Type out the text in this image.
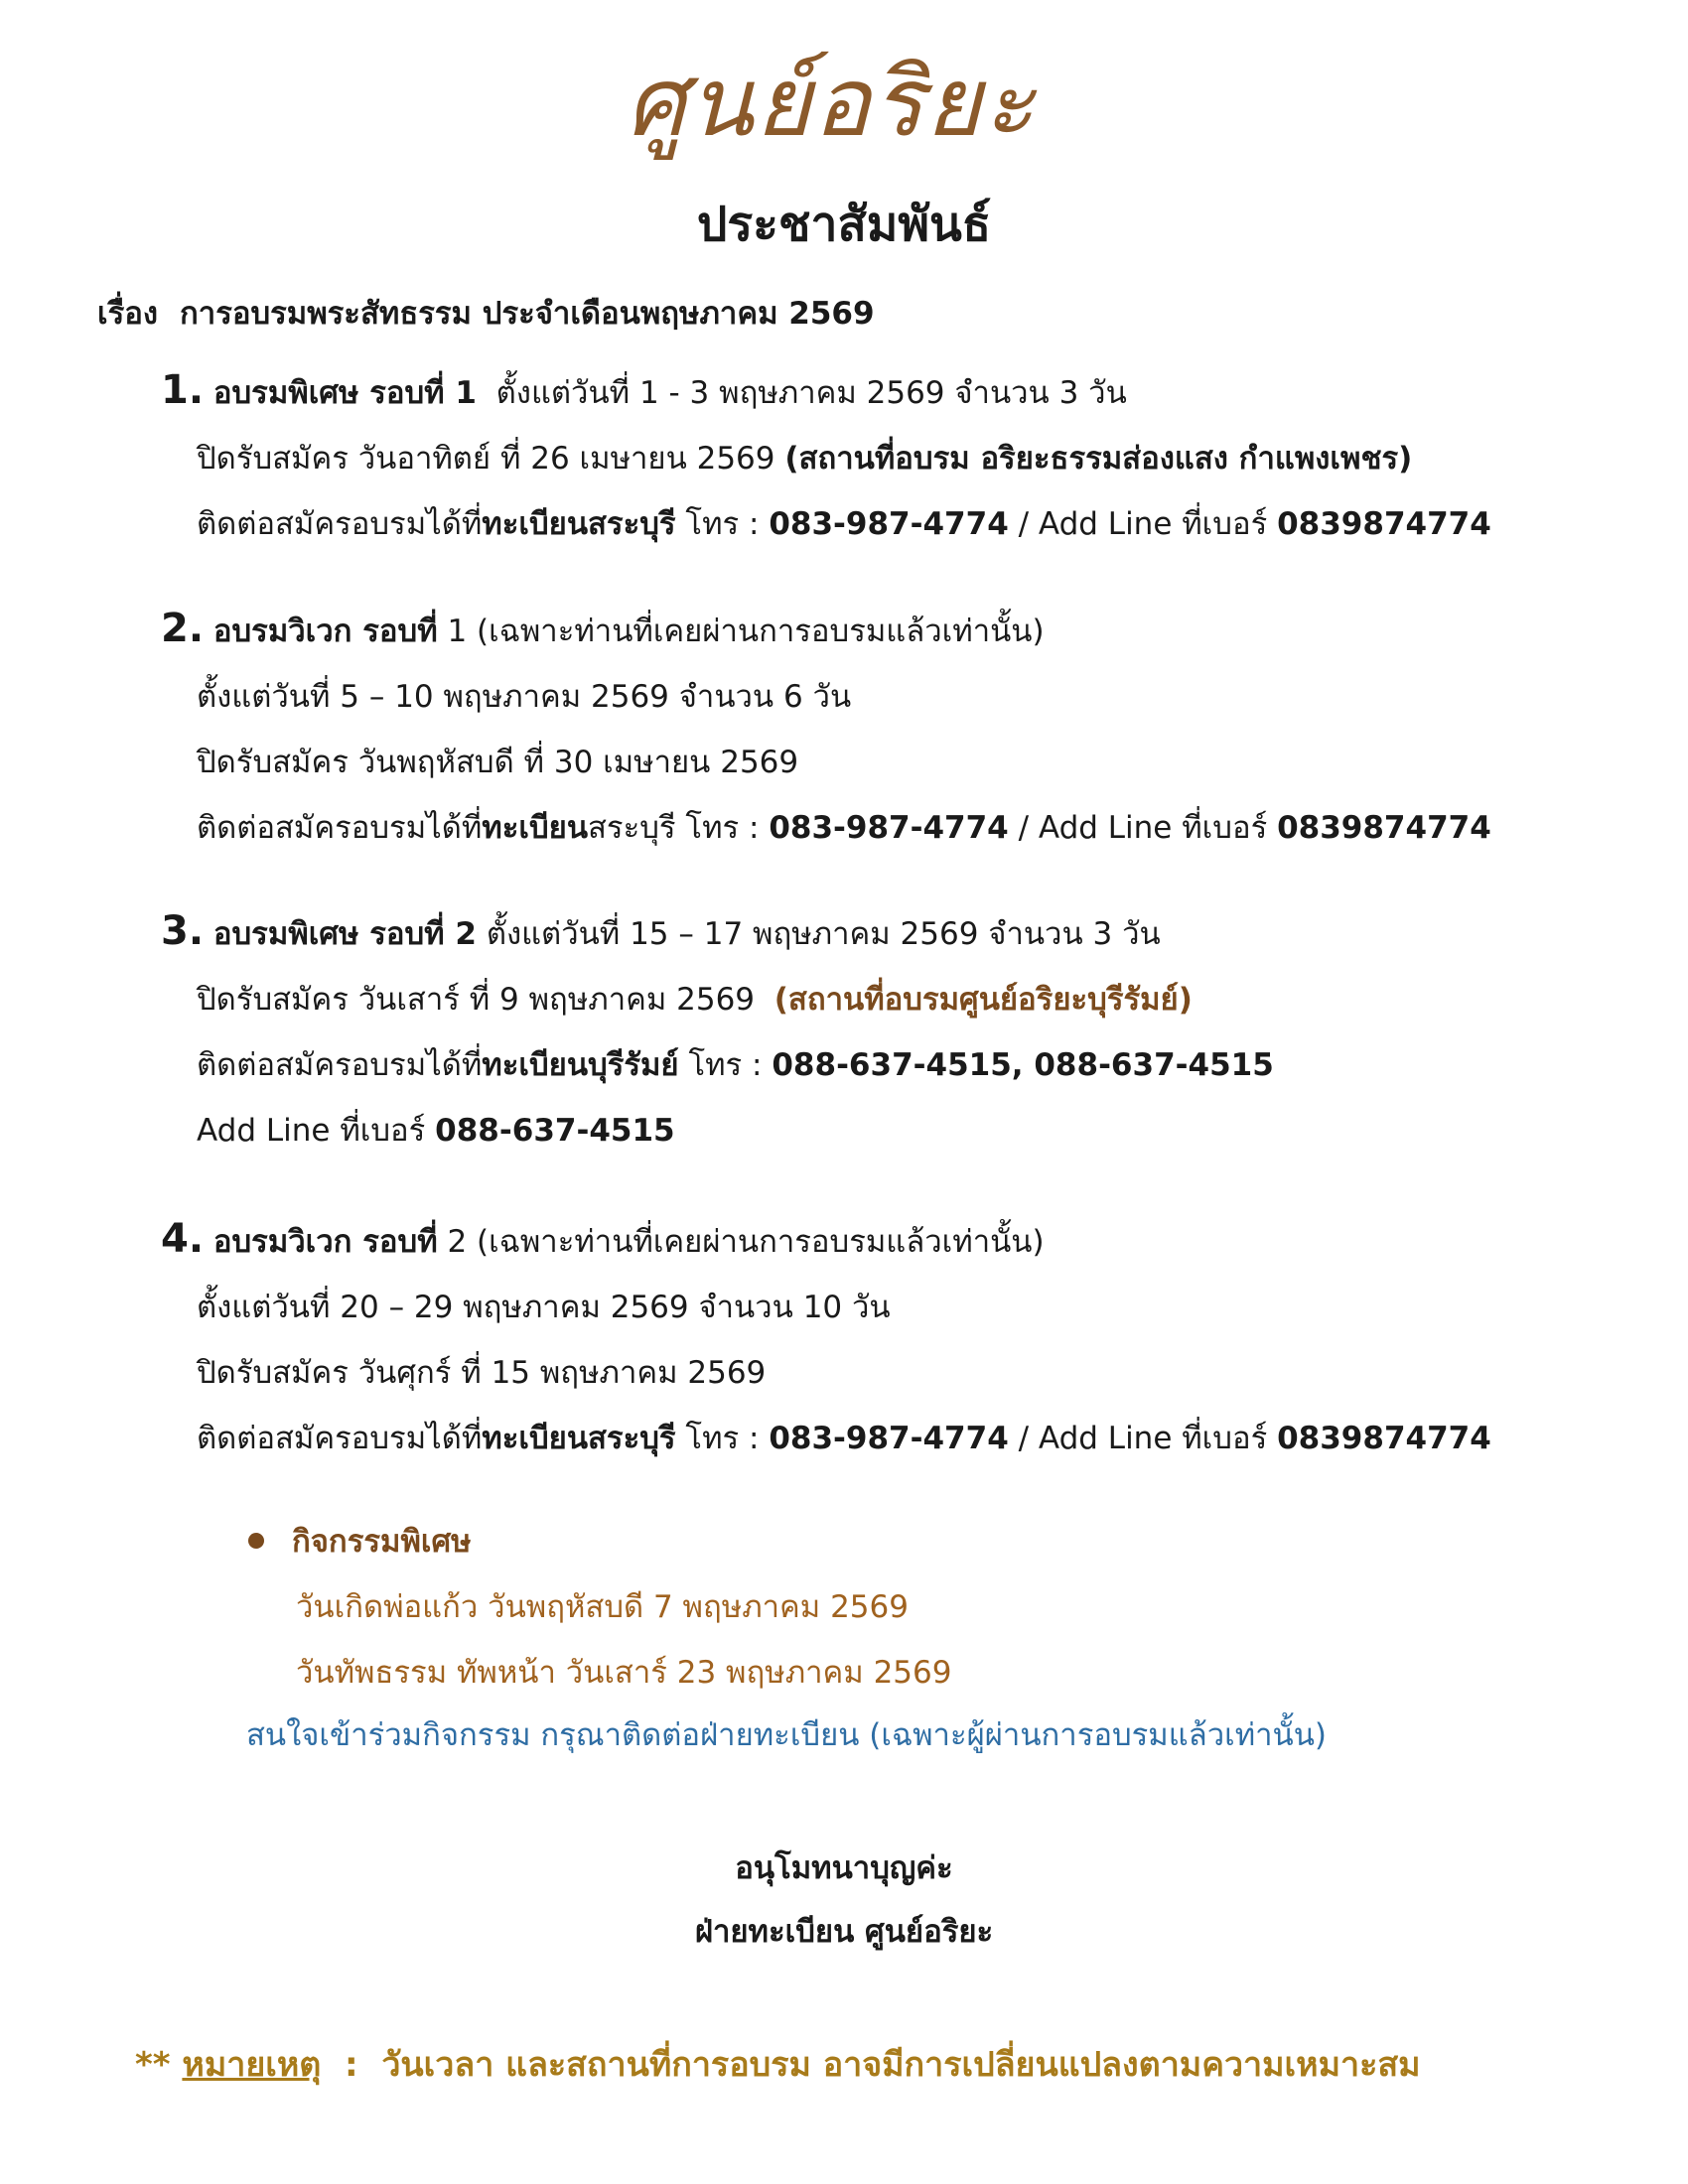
ศูนย์อริยะ
ประชาสัมพันธ์
เรื่อง การอบรมพระสัทธรรม ประจำเดือนพฤษภาคม 2569
1. อบรมพิเศษ รอบที่ 1 ตั้งแต่วันที่ 1 - 3 พฤษภาคม 2569 จำนวน 3 วัน
ปิดรับสมัคร วันอาทิตย์ ที่ 26 เมษายน 2569 (สถานที่อบรม อริยะธรรมส่องแสง กำแพงเพชร)
ติดต่อสมัครอบรมได้ที่ทะเบียนสระบุรี โทร : 083-987-4774 / Add Line ที่เบอร์ 0839874774
2. อบรมวิเวก รอบที่ 1 (เฉพาะท่านที่เคยผ่านการอบรมแล้วเท่านั้น)
ตั้งแต่วันที่ 5 – 10 พฤษภาคม 2569 จำนวน 6 วัน
ปิดรับสมัคร วันพฤหัสบดี ที่ 30 เมษายน 2569
ติดต่อสมัครอบรมได้ที่ทะเบียนสระบุรี โทร : 083-987-4774 / Add Line ที่เบอร์ 0839874774
3. อบรมพิเศษ รอบที่ 2 ตั้งแต่วันที่ 15 – 17 พฤษภาคม 2569 จำนวน 3 วัน
ปิดรับสมัคร วันเสาร์ ที่ 9 พฤษภาคม 2569 (สถานที่อบรมศูนย์อริยะบุรีรัมย์)
ติดต่อสมัครอบรมได้ที่ทะเบียนบุรีรัมย์ โทร : 088-637-4515, 088-637-4515
Add Line ที่เบอร์ 088-637-4515
4. อบรมวิเวก รอบที่ 2 (เฉพาะท่านที่เคยผ่านการอบรมแล้วเท่านั้น)
ตั้งแต่วันที่ 20 – 29 พฤษภาคม 2569 จำนวน 10 วัน
ปิดรับสมัคร วันศุกร์ ที่ 15 พฤษภาคม 2569
ติดต่อสมัครอบรมได้ที่ทะเบียนสระบุรี โทร : 083-987-4774 / Add Line ที่เบอร์ 0839874774
กิจกรรมพิเศษ
วันเกิดพ่อแก้ว วันพฤหัสบดี 7 พฤษภาคม 2569
วันทัพธรรม ทัพหน้า วันเสาร์ 23 พฤษภาคม 2569
สนใจเข้าร่วมกิจกรรม กรุณาติดต่อฝ่ายทะเบียน (เฉพาะผู้ผ่านการอบรมแล้วเท่านั้น)
อนุโมทนาบุญค่ะ
ฝ่ายทะเบียน ศูนย์อริยะ
** หมายเหตุ : วันเวลา และสถานที่การอบรม อาจมีการเปลี่ยนแปลงตามความเหมาะสม
